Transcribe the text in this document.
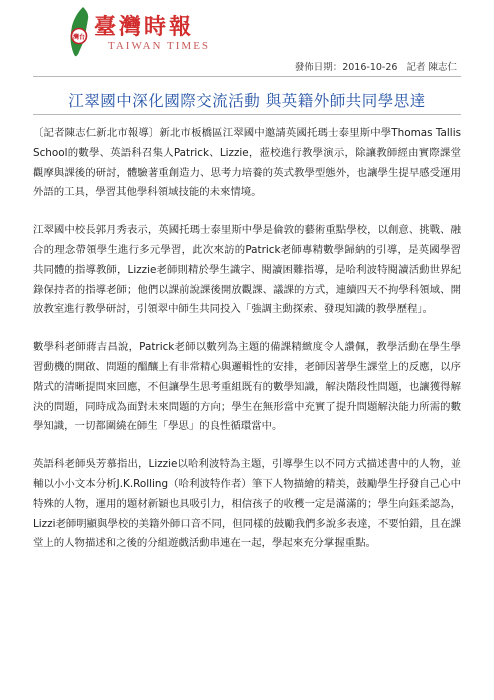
灣台 臺灣時報
TAIWAN TIMES
發佈日期：2016-10-26 記者 陳志仁
江翠國中深化國際交流活動 與英籍外師共同學思達

〔記者陳志仁新北市報導〕新北市板橋區江翠國中邀請英國托瑪士泰里斯中學Thomas Tallis School的數學、英語科召集人Patrick、Lizzie，蒞校進行教學演示，除讓教師經由實際課堂觀摩與課後的研討，體驗著重創造力、思考力培養的英式教學型態外，也讓學生提早感受運用外語的工具，學習其他學科領域技能的未來情境。

江翠國中校長郭月秀表示，英國托瑪士泰里斯中學是倫敦的藝術重點學校，以創意、挑戰、融合的理念帶領學生進行多元學習，此次來訪的Patrick老師專精數學歸納的引導，是英國學習共同體的指導教師，Lizzie老師則精於學生識字、閱讀困難指導，是哈利波特閱讀活動世界紀錄保持者的指導老師；他們以課前說課後開放觀課、議課的方式，連續四天不拘學科領域、開放教室進行教學研討，引領翠中師生共同投入「強調主動探索、發現知識的教學歷程」。

數學科老師蔣吉昌說，Patrick老師以數列為主題的備課精緻度令人讚佩，教學活動在學生學習動機的開啟、問題的醞釀上有非常精心與邏輯性的安排，老師因著學生課堂上的反應，以序階式的清晰提問來回應，不但讓學生思考重組既有的數學知識，解決階段性問題，也讓獲得解決的問題，同時成為面對未來問題的方向；學生在無形當中充實了提升問題解決能力所需的數學知識，一切都圍繞在師生「學思」的良性循環當中。

英語科老師吳芳慕指出，Lizzie以哈利波特為主題，引導學生以不同方式描述書中的人物，並輔以小小文本分析J.K.Rolling（哈利波特作者）筆下人物描繪的精美，鼓勵學生抒發自己心中特殊的人物，運用的題材新穎也具吸引力，相信孩子的收穫一定是滿滿的；學生向鈺柔認為，Lizzi老師明顯與學校的美籍外師口音不同，但同樣的鼓勵我們多說多表達，不要怕錯，且在課堂上的人物描述和之後的分組遊戲活動串連在一起，學起來充分掌握重點。
